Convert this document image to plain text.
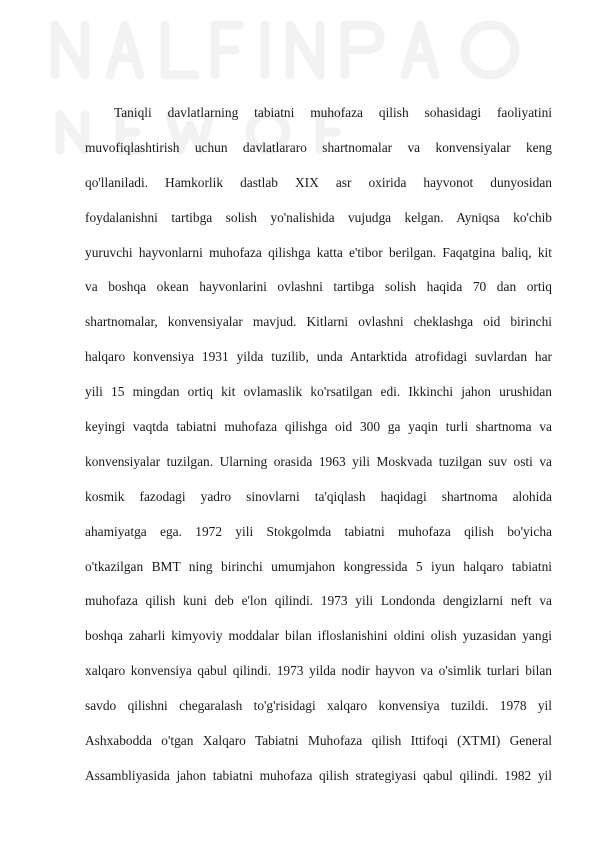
Taniqli davlatlarning tabiatni muhofaza qilish sohasidagi faoliyatini
muvofiqlashtirish uchun davlatlararo shartnomalar va konvensiyalar keng
qo'llaniladi. Hamkorlik dastlab XIX asr oxirida hayvonot dunyosidan
foydalanishni tartibga solish yo'nalishida vujudga kelgan. Ayniqsa ko'chib
yuruvchi hayvonlarni muhofaza qilishga katta e'tibor berilgan. Faqatgina baliq, kit
va boshqa okean hayvonlarini ovlashni tartibga solish haqida 70 dan ortiq
shartnomalar, konvensiyalar mavjud. Kitlarni ovlashni cheklashga oid birinchi
halqaro konvensiya 1931 yilda tuzilib, unda Antarktida atrofidagi suvlardan har
yili 15 mingdan ortiq kit ovlamaslik ko'rsatilgan edi. Ikkinchi jahon urushidan
keyingi vaqtda tabiatni muhofaza qilishga oid 300 ga yaqin turli shartnoma va
konvensiyalar tuzilgan. Ularning orasida 1963 yili Moskvada tuzilgan suv osti va
kosmik fazodagi yadro sinovlarni ta'qiqlash haqidagi shartnoma alohida
ahamiyatga ega. 1972 yili Stokgolmda tabiatni muhofaza qilish bo'yicha
o'tkazilgan BMT ning birinchi umumjahon kongressida 5 iyun halqaro tabiatni
muhofaza qilish kuni deb e'lon qilindi. 1973 yili Londonda dengizlarni neft va
boshqa zaharli kimyoviy moddalar bilan ifloslanishini oldini olish yuzasidan yangi
xalqaro konvensiya qabul qilindi. 1973 yilda nodir hayvon va o'simlik turlari bilan
savdo qilishni chegaralash to'g'risidagi xalqaro konvensiya tuzildi. 1978 yil
Ashxabodda o'tgan Xalqaro Tabiatni Muhofaza qilish Ittifoqi (XTMI) General
Assambliyasida jahon tabiatni muhofaza qilish strategiyasi qabul qilindi. 1982 yil
